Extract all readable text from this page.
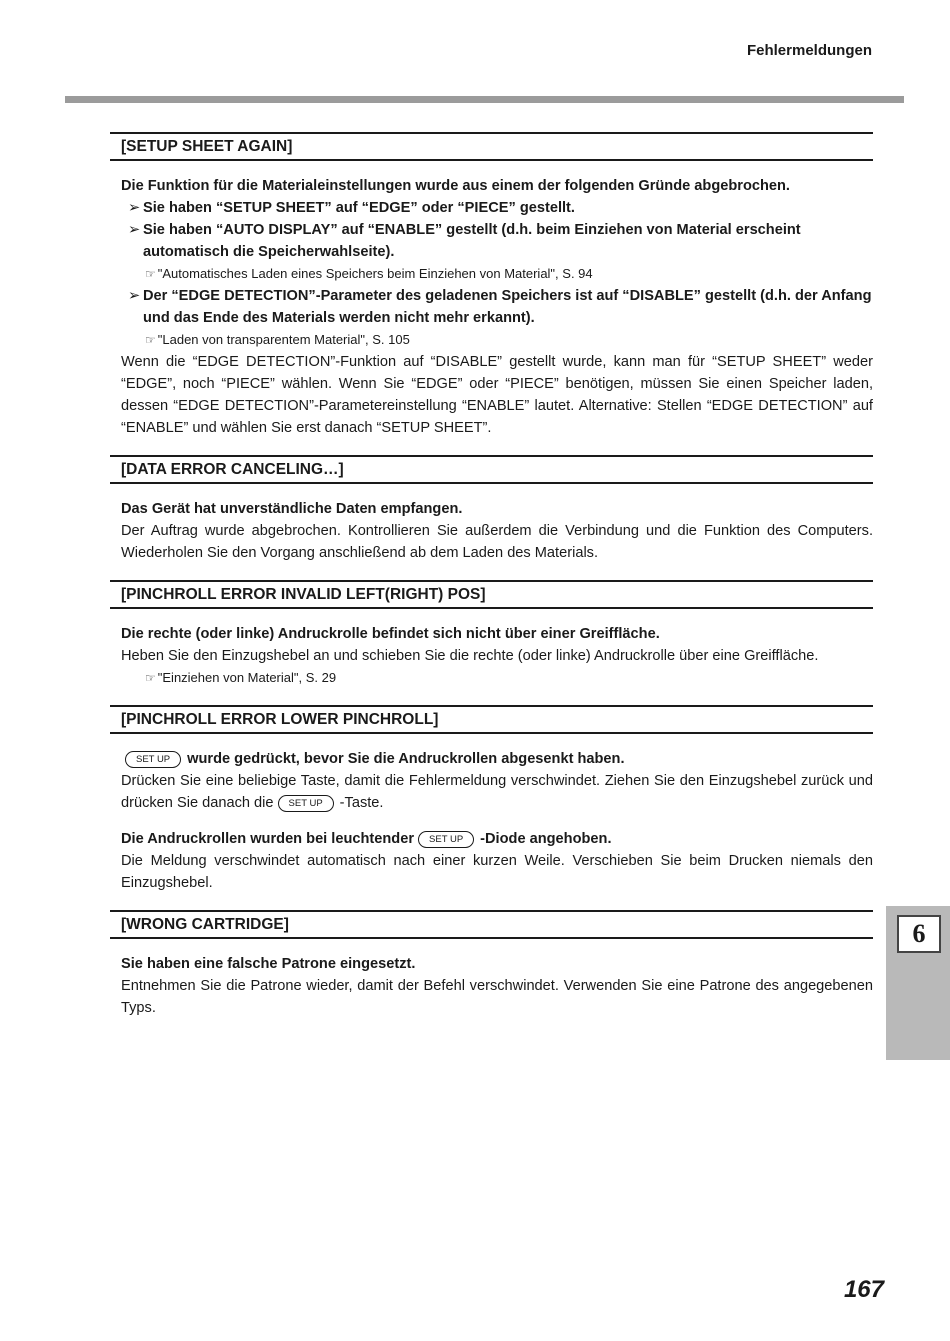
Fehlermeldungen
[SETUP SHEET AGAIN]
Die Funktion für die Materialeinstellungen wurde aus einem der folgenden Gründe abgebrochen.
➢ Sie haben “SETUP SHEET” auf “EDGE” oder “PIECE” gestellt.
➢ Sie haben “AUTO DISPLAY” auf “ENABLE” gestellt (d.h. beim Einziehen von Material erscheint automatisch die Speicherwahlseite).
☞ "Automatisches Laden eines Speichers beim Einziehen von Material", S. 94
➢ Der “EDGE DETECTION”-Parameter des geladenen Speichers ist auf “DISABLE” gestellt (d.h. der Anfang und das Ende des Materials werden nicht mehr erkannt).
☞ "Laden von transparentem Material", S. 105
Wenn die “EDGE DETECTION”-Funktion auf “DISABLE” gestellt wurde, kann man für “SETUP SHEET” weder “EDGE”, noch “PIECE” wählen. Wenn Sie “EDGE” oder “PIECE” benötigen, müssen Sie einen Speicher laden, dessen “EDGE DETECTION”-Parametereinstellung “ENABLE” lautet. Alternative: Stellen “EDGE DETECTION” auf “ENABLE” und wählen Sie erst danach “SETUP SHEET”.
[DATA ERROR CANCELING…]
Das Gerät hat unverständliche Daten empfangen.
Der Auftrag wurde abgebrochen. Kontrollieren Sie außerdem die Verbindung und die Funktion des Computers. Wiederholen Sie den Vorgang anschließend ab dem Laden des Materials.
[PINCHROLL ERROR INVALID LEFT(RIGHT) POS]
Die rechte (oder linke) Andruckrolle befindet sich nicht über einer Greiffläche.
Heben Sie den Einzugshebel an und schieben Sie die rechte (oder linke) Andruckrolle über eine Greiffläche.
☞ "Einziehen von Material", S. 29
[PINCHROLL ERROR LOWER PINCHROLL]
SET UP wurde gedrückt, bevor Sie die Andruckrollen abgesenkt haben.
Drücken Sie eine beliebige Taste, damit die Fehlermeldung verschwindet. Ziehen Sie den Einzugshebel zurück und drücken Sie danach die SET UP -Taste.
Die Andruckrollen wurden bei leuchtender SET UP -Diode angehoben.
Die Meldung verschwindet automatisch nach einer kurzen Weile. Verschieben Sie beim Drucken niemals den Einzugshebel.
[WRONG CARTRIDGE]
Sie haben eine falsche Patrone eingesetzt.
Entnehmen Sie die Patrone wieder, damit der Befehl verschwindet. Verwenden Sie eine Patrone des angegebenen Typs.
6
167
